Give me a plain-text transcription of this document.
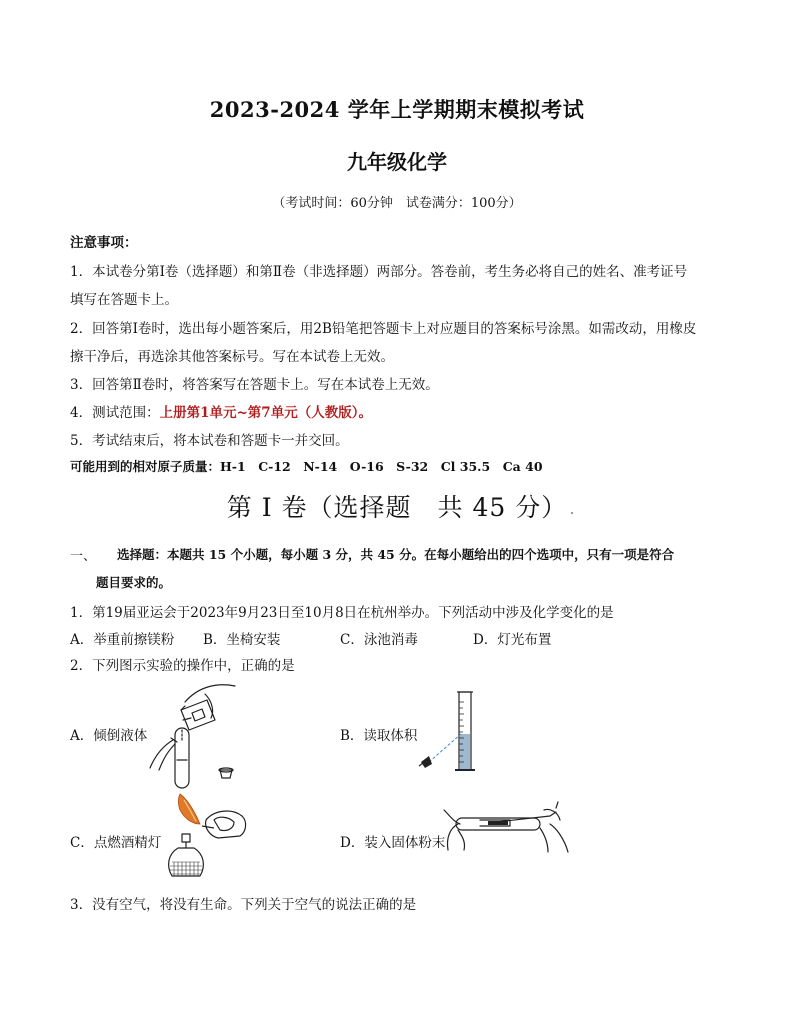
2023-2024 学年上学期期末模拟考试
九年级化学
（考试时间：60分钟　试卷满分：100分）
注意事项：
1．本试卷分第Ⅰ卷（选择题）和第Ⅱ卷（非选择题）两部分。答卷前，考生务必将自己的姓名、准考证号
填写在答题卡上。
2．回答第Ⅰ卷时，选出每小题答案后，用2B铅笔把答题卡上对应题目的答案标号涂黑。如需改动，用橡皮
擦干净后，再选涂其他答案标号。写在本试卷上无效。
3．回答第Ⅱ卷时，将答案写在答题卡上。写在本试卷上无效。
4．测试范围：上册第1单元~第7单元（人教版）。
5．考试结束后，将本试卷和答题卡一并交回。
可能用到的相对原子质量：H-1　C-12　N-14　O-16　S-32　Cl 35.5　Ca 40
第 I 卷（选择题　共 45 分）
一、 选择题：本题共 15 个小题，每小题 3 分，共 45 分。在每小题给出的四个选项中，只有一项是符合
题目要求的。
1．第19届亚运会于2023年9月23日至10月8日在杭州举办。下列活动中涉及化学变化的是
A．举重前擦镁粉 B．坐椅安装	C．泳池消毒	D．灯光布置
2．下列图示实验的操作中，正确的是
A．倾倒液体	B．读取体积
C．点燃酒精灯	D．装入固体粉末
3．没有空气，将没有生命。下列关于空气的说法正确的是
